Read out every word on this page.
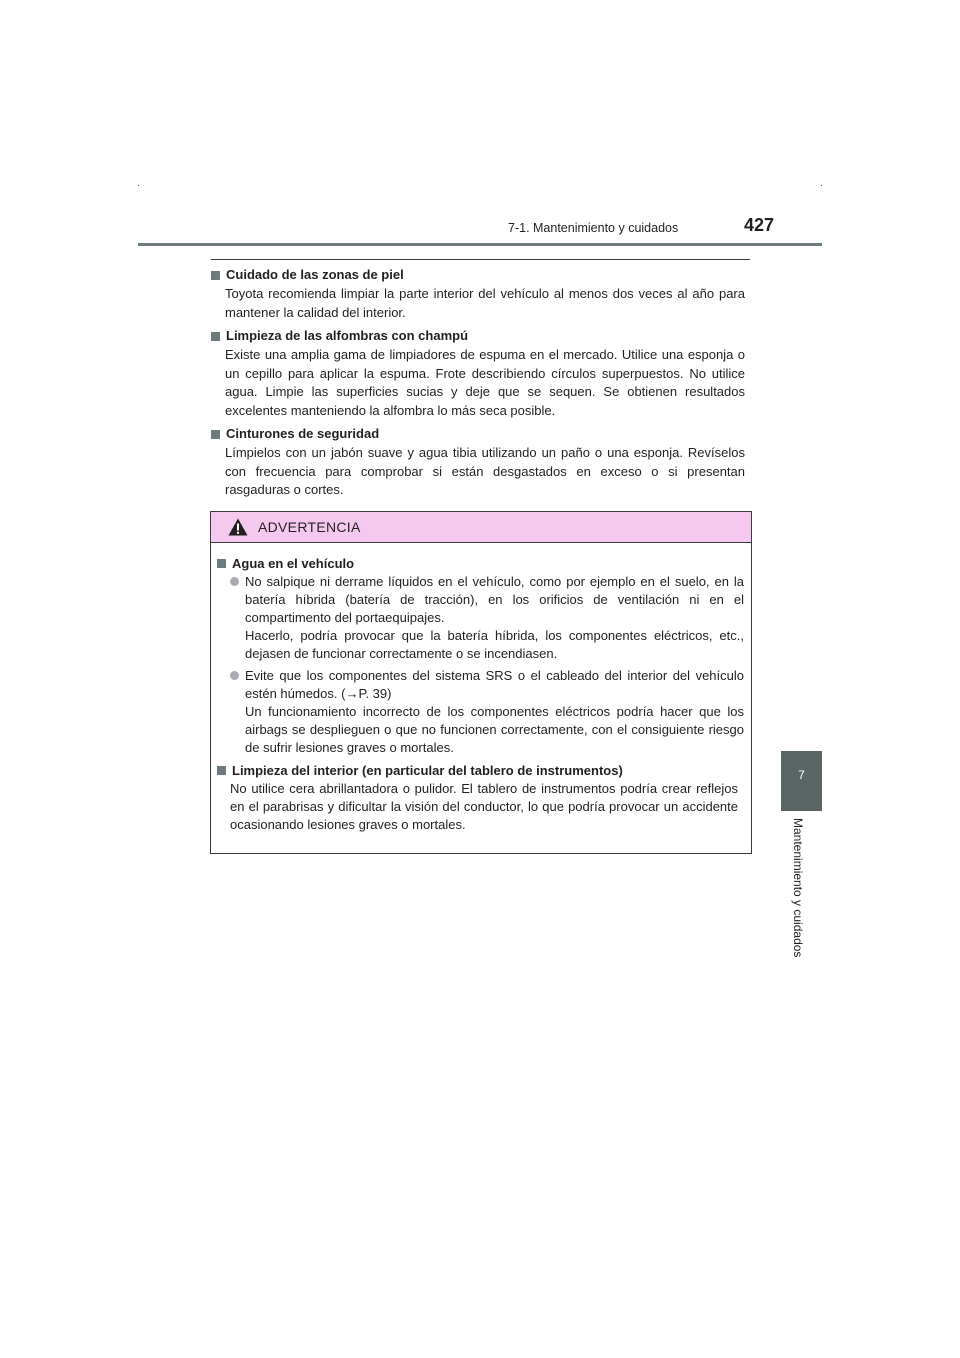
7-1. Mantenimiento y cuidados	427
7
Mantenimiento y cuidados
Cuidado de las zonas de piel
Toyota recomienda limpiar la parte interior del vehículo al menos dos veces al año para mantener la calidad del interior.
Limpieza de las alfombras con champú
Existe una amplia gama de limpiadores de espuma en el mercado. Utilice una esponja o un cepillo para aplicar la espuma. Frote describiendo círculos superpuestos. No utilice agua. Limpie las superficies sucias y deje que se sequen. Se obtienen resultados excelentes manteniendo la alfombra lo más seca posible.
Cinturones de seguridad
Límpielos con un jabón suave y agua tibia utilizando un paño o una esponja. Revíselos con frecuencia para comprobar si están desgastados en exceso o si presentan rasgaduras o cortes.
ADVERTENCIA
Agua en el vehículo
No salpique ni derrame líquidos en el vehículo, como por ejemplo en el suelo, en la batería híbrida (batería de tracción), en los orificios de ventilación ni en el compartimento del portaequipajes.
Hacerlo, podría provocar que la batería híbrida, los componentes eléctricos, etc., dejasen de funcionar correctamente o se incendiasen.
Evite que los componentes del sistema SRS o el cableado del interior del vehículo estén húmedos. (→P. 39)
Un funcionamiento incorrecto de los componentes eléctricos podría hacer que los airbags se desplieguen o que no funcionen correctamente, con el consiguiente riesgo de sufrir lesiones graves o mortales.
Limpieza del interior (en particular del tablero de instrumentos)
No utilice cera abrillantadora o pulidor. El tablero de instrumentos podría crear reflejos en el parabrisas y dificultar la visión del conductor, lo que podría provocar un accidente ocasionando lesiones graves o mortales.
